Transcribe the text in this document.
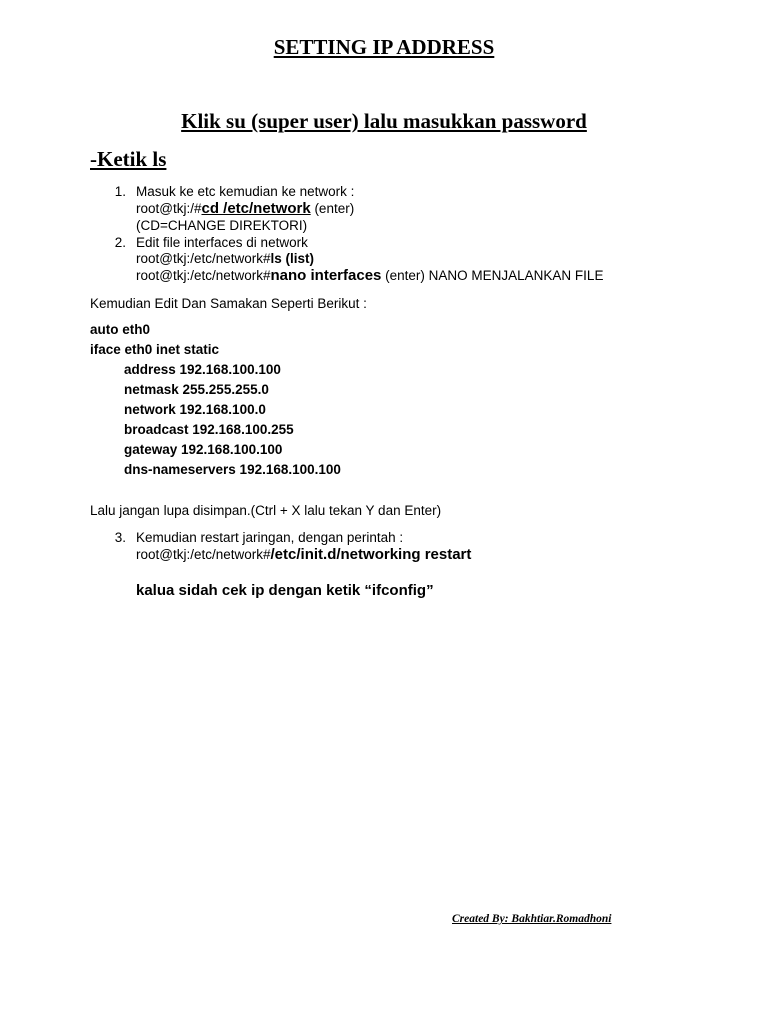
SETTING IP ADDRESS
Klik su (super user) lalu masukkan password
-Ketik ls
1. Masuk ke etc kemudian ke network :
root@tkj:/#cd /etc/network (enter)
(CD=CHANGE DIREKTORI)
2. Edit file interfaces di network
root@tkj:/etc/network#ls (list)
root@tkj:/etc/network#nano interfaces (enter) NANO MENJALANKAN FILE
Kemudian Edit Dan Samakan Seperti Berikut :
auto eth0
iface eth0 inet static
address 192.168.100.100
netmask 255.255.255.0
network 192.168.100.0
broadcast 192.168.100.255
gateway 192.168.100.100
dns-nameservers 192.168.100.100
Lalu jangan lupa disimpan.(Ctrl + X lalu tekan Y dan Enter)
3. Kemudian restart jaringan, dengan perintah :
root@tkj:/etc/network#/etc/init.d/networking restart
kalua sidah cek ip dengan ketik “ifconfig”
Created By: Bakhtiar.Romadhoni
